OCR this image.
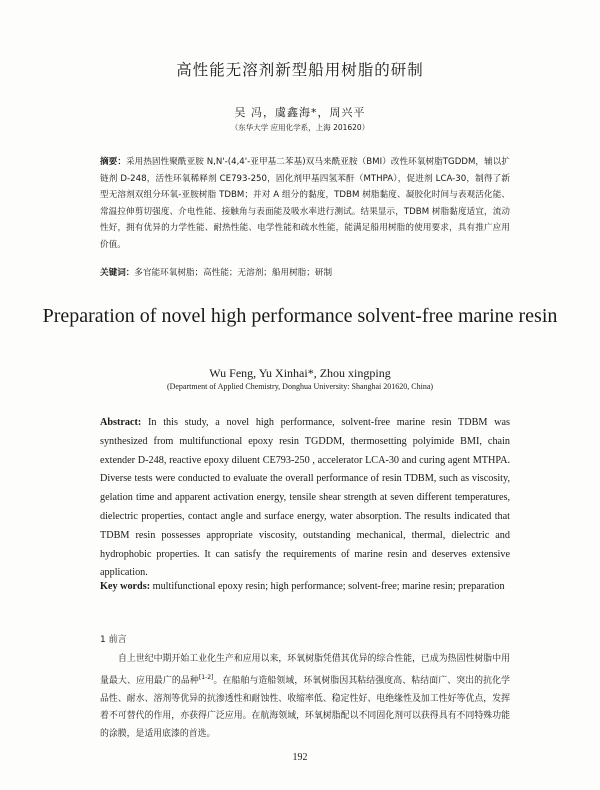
高性能无溶剂新型船用树脂的研制
吴 冯，虞鑫海*，周兴平
（东华大学 应用化学系，上海 201620）
摘要：采用热固性聚酰亚胺 N,N'-(4,4'-亚甲基二苯基)双马来酰亚胺（BMI）改性环氧树脂TGDDM，辅以扩链剂 D-248，活性环氧稀释剂 CE793-250，固化剂甲基四氢苯酐（MTHPA），促进剂 LCA-30，制得了新型无溶剂双组分环氧-亚胺树脂 TDBM；并对 A 组分的黏度，TDBM 树脂黏度、凝胶化时间与表观活化能、常温拉伸剪切强度、介电性能、接触角与表面能及吸水率进行测试。结果显示，TDBM 树脂黏度适宜，流动性好，拥有优异的力学性能、耐热性能、电学性能和疏水性能，能满足船用树脂的使用要求，具有推广应用价值。
关键词：多官能环氧树脂；高性能；无溶剂；船用树脂；研制
Preparation of novel high performance solvent-free marine resin
Wu Feng, Yu Xinhai*, Zhou xingping
(Department of Applied Chemistry, Donghua University: Shanghai 201620, China)
Abstract: In this study, a novel high performance, solvent-free marine resin TDBM was synthesized from multifunctional epoxy resin TGDDM, thermosetting polyimide BMI, chain extender D-248, reactive epoxy diluent CE793-250 , accelerator LCA-30 and curing agent MTHPA. Diverse tests were conducted to evaluate the overall performance of resin TDBM, such as viscosity, gelation time and apparent activation energy, tensile shear strength at seven different temperatures, dielectric properties, contact angle and surface energy, water absorption. The results indicated that TDBM resin possesses appropriate viscosity, outstanding mechanical, thermal, dielectric and hydrophobic properties. It can satisfy the requirements of marine resin and deserves extensive application.
Key words: multifunctional epoxy resin; high performance; solvent-free; marine resin; preparation
1 前言
自上世纪中期开始工业化生产和应用以来，环氧树脂凭借其优异的综合性能，已成为热固性树脂中用量最大、应用最广的品种[1-2]。在船舶与造船领域，环氧树脂因其粘结强度高、粘结面广、突出的抗化学品性、耐水、溶剂等优异的抗渗透性和耐蚀性、收缩率低、稳定性好、电绝缘性及加工性好等优点，发挥着不可替代的作用，亦获得广泛应用。在航海领域，环氧树脂配以不同固化剂可以获得具有不同特殊功能的涂膜，是适用底漆的首选。
192
